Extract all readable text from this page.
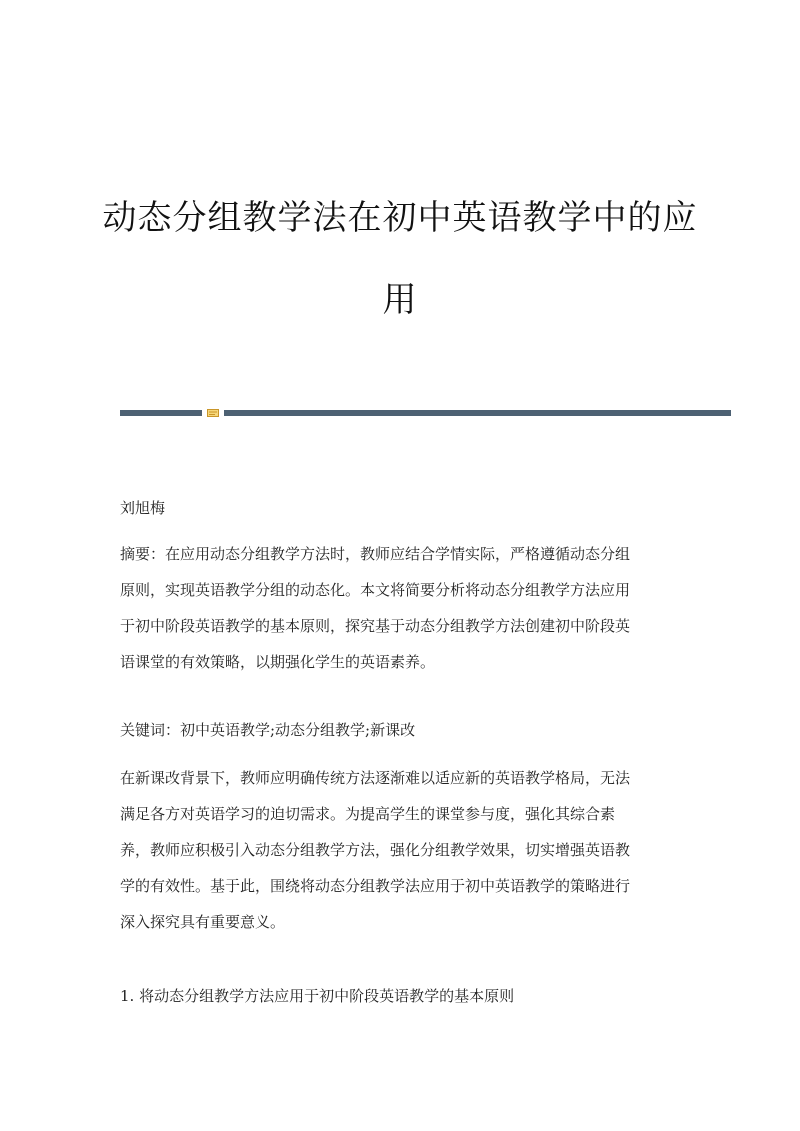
动态分组教学法在初中英语教学中的应
用

刘旭梅

摘要：在应用动态分组教学方法时，教师应结合学情实际，严格遵循动态分组
原则，实现英语教学分组的动态化。本文将简要分析将动态分组教学方法应用
于初中阶段英语教学的基本原则，探究基于动态分组教学方法创建初中阶段英
语课堂的有效策略，以期强化学生的英语素养。

关键词：初中英语教学;动态分组教学;新课改

在新课改背景下，教师应明确传统方法逐渐难以适应新的英语教学格局，无法
满足各方对英语学习的迫切需求。为提高学生的课堂参与度，强化其综合素
养，教师应积极引入动态分组教学方法，强化分组教学效果，切实增强英语教
学的有效性。基于此，围绕将动态分组教学法应用于初中英语教学的策略进行
深入探究具有重要意义。

1. 将动态分组教学方法应用于初中阶段英语教学的基本原则
